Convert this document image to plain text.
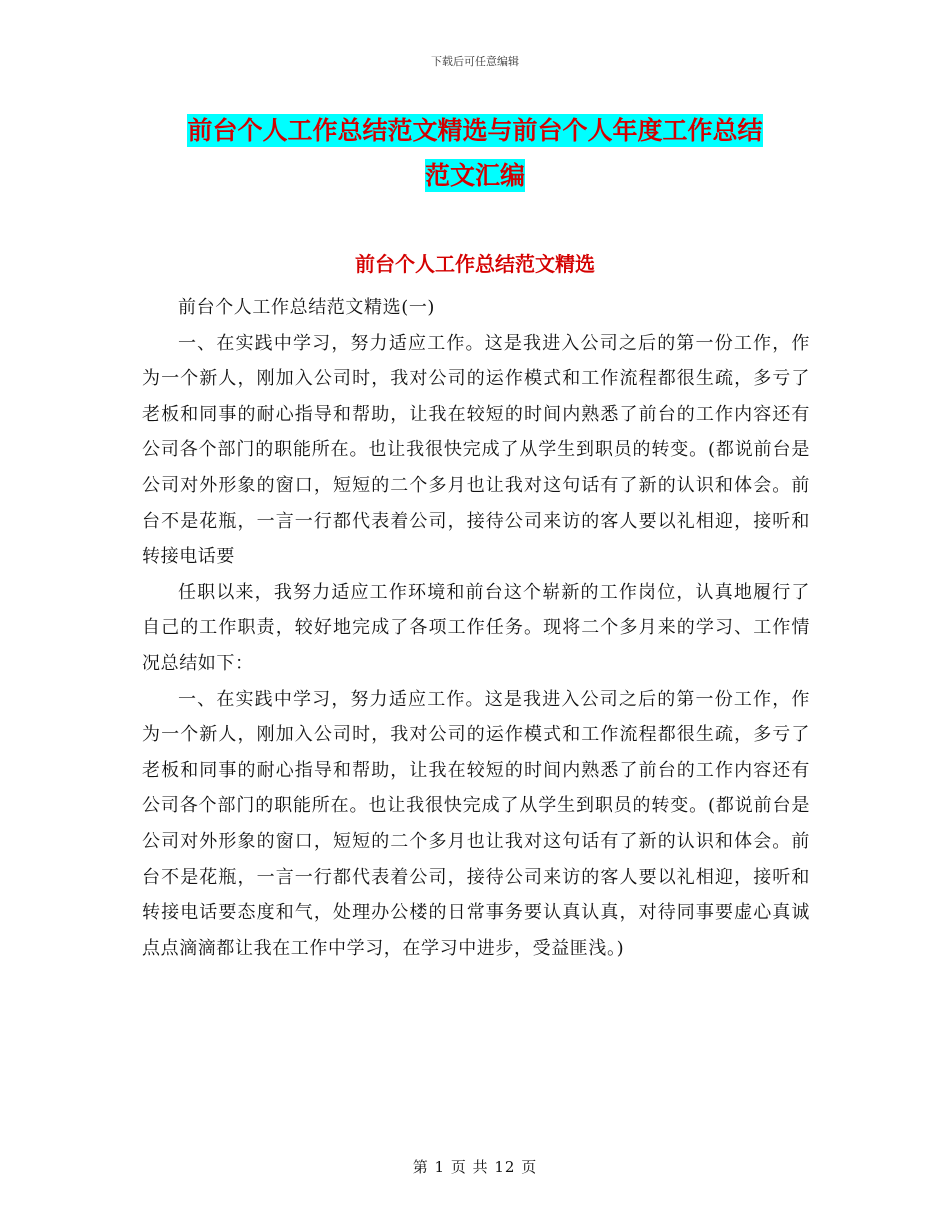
下载后可任意编辑
前台个人工作总结范文精选与前台个人年度工作总结
范文汇编
前台个人工作总结范文精选

前台个人工作总结范文精选(一)

一、在实践中学习，努力适应工作。这是我进入公司之后的第一份工作，作为一个新人，刚加入公司时，我对公司的运作模式和工作流程都很生疏，多亏了老板和同事的耐心指导和帮助，让我在较短的时间内熟悉了前台的工作内容还有公司各个部门的职能所在。也让我很快完成了从学生到职员的转变。(都说前台是公司对外形象的窗口，短短的二个多月也让我对这句话有了新的认识和体会。前台不是花瓶，一言一行都代表着公司，接待公司来访的客人要以礼相迎，接听和转接电话要

任职以来，我努力适应工作环境和前台这个崭新的工作岗位，认真地履行了自己的工作职责，较好地完成了各项工作任务。现将二个多月来的学习、工作情况总结如下：

一、在实践中学习，努力适应工作。这是我进入公司之后的第一份工作，作为一个新人，刚加入公司时，我对公司的运作模式和工作流程都很生疏，多亏了老板和同事的耐心指导和帮助，让我在较短的时间内熟悉了前台的工作内容还有公司各个部门的职能所在。也让我很快完成了从学生到职员的转变。(都说前台是公司对外形象的窗口，短短的二个多月也让我对这句话有了新的认识和体会。前台不是花瓶，一言一行都代表着公司，接待公司来访的客人要以礼相迎，接听和转接电话要态度和气，处理办公楼的日常事务要认真认真，对待同事要虚心真诚点点滴滴都让我在工作中学习，在学习中进步，受益匪浅。)

第 1 页 共 12 页
